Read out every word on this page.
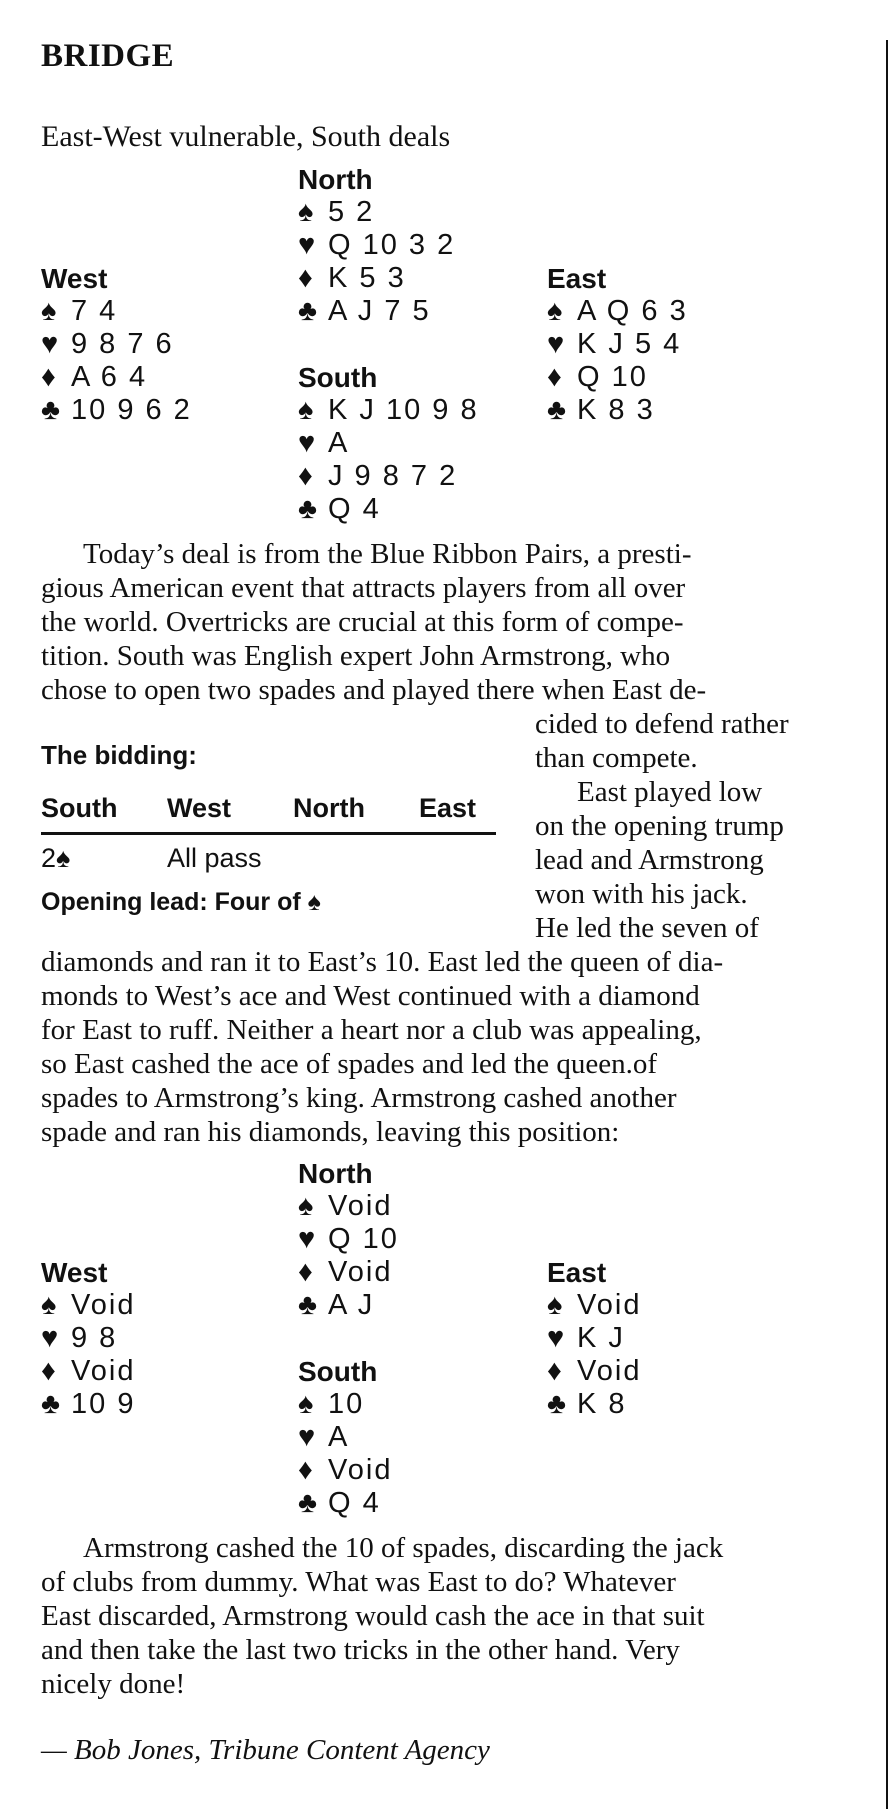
BRIDGE
East-West vulnerable, South deals
North
♠ 5 2
♥ Q 10 3 2
♦ K 5 3
♣ A J 7 5
West
♠ 7 4
♥ 9 8 7 6
♦ A 6 4
♣ 10 9 6 2
East
♠ A Q 6 3
♥ K J 5 4
♦ Q 10
♣ K 8 3
South
♠ K J 10 9 8
♥ A
♦ J 9 8 7 2
♣ Q 4
Today’s deal is from the Blue Ribbon Pairs, a presti-
gious American event that attracts players from all over
the world. Overtricks are crucial at this form of compe-
tition. South was English expert John Armstrong, who
chose to open two spades and played there when East de-
cided to defend rather
than compete.
East played low
on the opening trump
lead and Armstrong
won with his jack.
He led the seven of
The bidding:
South	West	North	East
2♠	All pass		
Opening lead: Four of ♠
diamonds and ran it to East’s 10. East led the queen of dia-
monds to West’s ace and West continued with a diamond
for East to ruff. Neither a heart nor a club was appealing,
so East cashed the ace of spades and led the queen.of
spades to Armstrong’s king. Armstrong cashed another
spade and ran his diamonds, leaving this position:
North
♠ Void
♥ Q 10
♦ Void
♣ A J
West
♠ Void
♥ 9 8
♦ Void
♣ 10 9
East
♠ Void
♥ K J
♦ Void
♣ K 8
South
♠ 10
♥ A
♦ Void
♣ Q 4
Armstrong cashed the 10 of spades, discarding the jack
of clubs from dummy. What was East to do? Whatever
East discarded, Armstrong would cash the ace in that suit
and then take the last two tricks in the other hand. Very
nicely done!
— Bob Jones, Tribune Content Agency
